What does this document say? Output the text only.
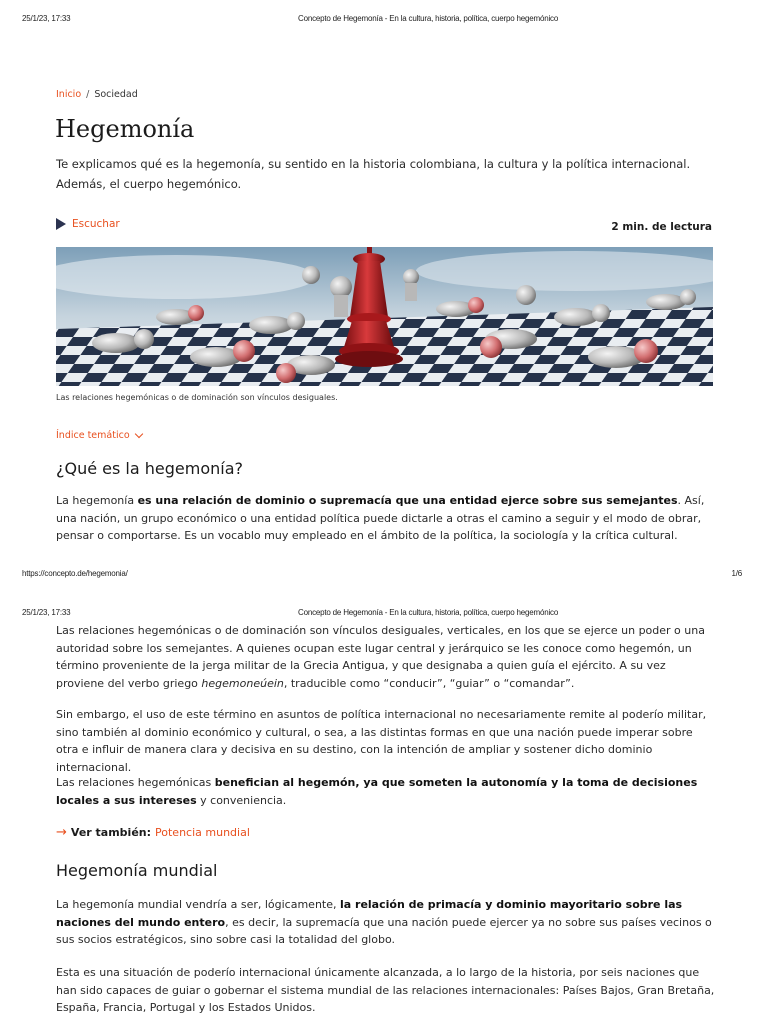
25/1/23, 17:33	Concepto de Hegemonía - En la cultura, historia, política, cuerpo hegemónico
Inicio / Sociedad
Hegemonía

Te explicamos qué es la hegemonía, su sentido en la historia colombiana, la cultura y la política internacional. Además, el cuerpo hegemónico.

Escuchar	2 min. de lectura
Las relaciones hegemónicas o de dominación son vínculos desiguales.
Índice temático
¿Qué es la hegemonía?

La hegemonía es una relación de dominio o supremacía que una entidad ejerce sobre sus semejantes. Así, una nación, un grupo económico o una entidad política puede dictarle a otras el camino a seguir y el modo de obrar, pensar o comportarse. Es un vocablo muy empleado en el ámbito de la política, la sociología y la crítica cultural.

https://concepto.de/hegemonia/	1/6
25/1/23, 17:33	Concepto de Hegemonía - En la cultura, historia, política, cuerpo hegemónico

Las relaciones hegemónicas o de dominación son vínculos desiguales, verticales, en los que se ejerce un poder o una autoridad sobre los semejantes. A quienes ocupan este lugar central y jerárquico se les conoce como hegemón, un término proveniente de la jerga militar de la Grecia Antigua, y que designaba a quien guía el ejército. A su vez proviene del verbo griego hegemoneúein, traducible como “conducir”, “guiar” o “comandar”.

Sin embargo, el uso de este término en asuntos de política internacional no necesariamente remite al poderío militar, sino también al dominio económico y cultural, o sea, a las distintas formas en que una nación puede imperar sobre otra e influir de manera clara y decisiva en su destino, con la intención de ampliar y sostener dicho dominio internacional.

Las relaciones hegemónicas benefician al hegemón, ya que someten la autonomía y la toma de decisiones locales a sus intereses y conveniencia.

→ Ver también: Potencia mundial
Hegemonía mundial

La hegemonía mundial vendría a ser, lógicamente, la relación de primacía y dominio mayoritario sobre las naciones del mundo entero, es decir, la supremacía que una nación puede ejercer ya no sobre sus países vecinos o sus socios estratégicos, sino sobre casi la totalidad del globo.

Esta es una situación de poderío internacional únicamente alcanzada, a lo largo de la historia, por seis naciones que han sido capaces de guiar o gobernar el sistema mundial de las relaciones internacionales: Países Bajos, Gran Bretaña, España, Francia, Portugal y los Estados Unidos.
